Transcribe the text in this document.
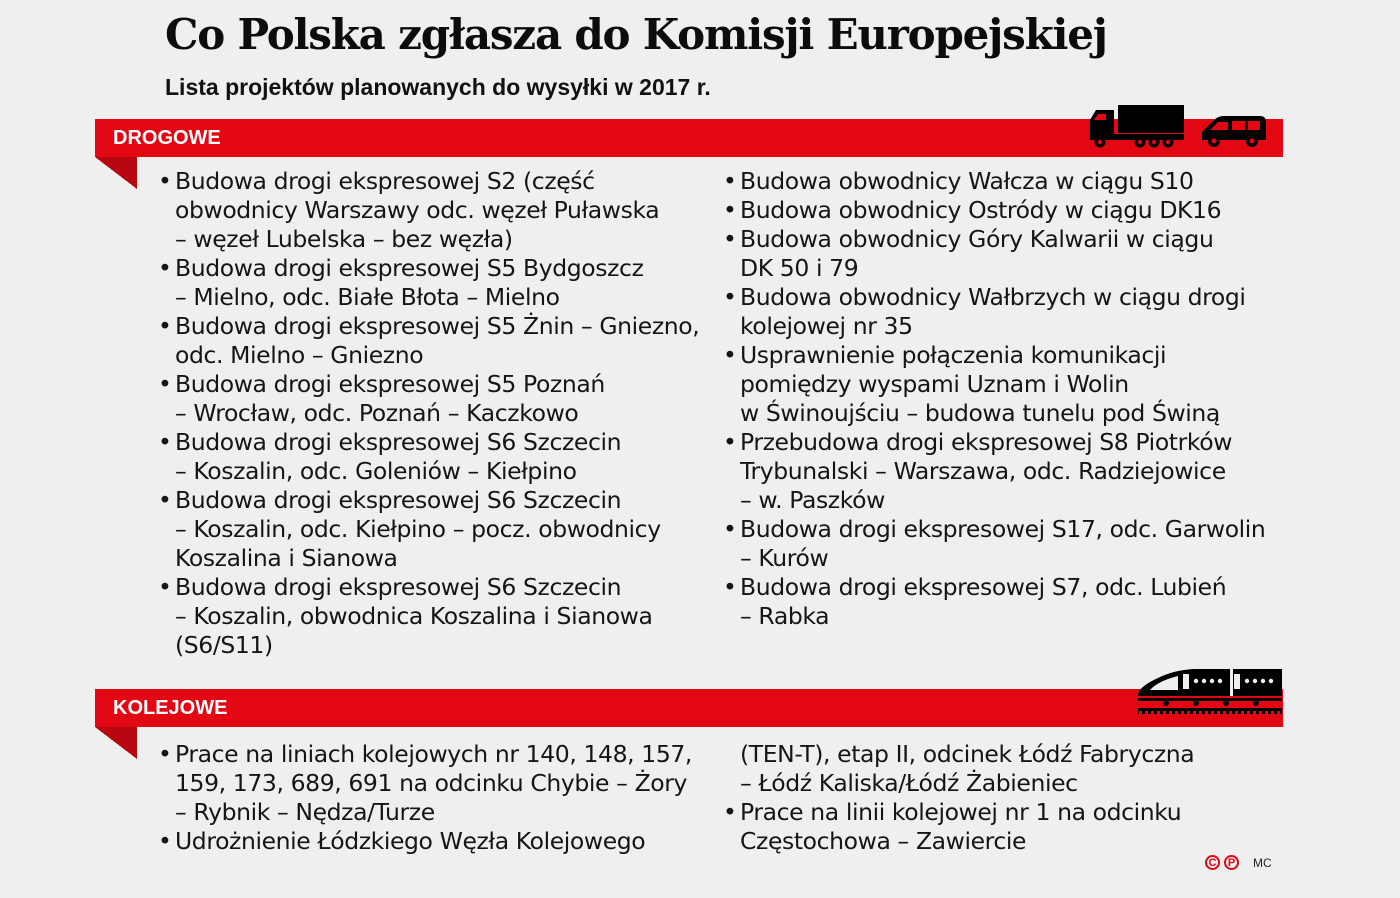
Co Polska zgłasza do Komisji Europejskiej
Lista projektów planowanych do wysyłki w 2017 r.
DROGOWE
• Budowa drogi ekspresowej S2 (część
obwodnicy Warszawy odc. węzeł Puławska
– węzeł Lubelska – bez węzła)
• Budowa drogi ekspresowej S5 Bydgoszcz
– Mielno, odc. Białe Błota – Mielno
• Budowa drogi ekspresowej S5 Żnin – Gniezno,
odc. Mielno – Gniezno
• Budowa drogi ekspresowej S5 Poznań
– Wrocław, odc. Poznań – Kaczkowo
• Budowa drogi ekspresowej S6 Szczecin
– Koszalin, odc. Goleniów – Kiełpino
• Budowa drogi ekspresowej S6 Szczecin
– Koszalin, odc. Kiełpino – pocz. obwodnicy
Koszalina i Sianowa
• Budowa drogi ekspresowej S6 Szczecin
– Koszalin, obwodnica Koszalina i Sianowa
(S6/S11)
• Budowa obwodnicy Wałcza w ciągu S10
• Budowa obwodnicy Ostródy w ciągu DK16
• Budowa obwodnicy Góry Kalwarii w ciągu
DK 50 i 79
• Budowa obwodnicy Wałbrzych w ciągu drogi
kolejowej nr 35
• Usprawnienie połączenia komunikacji
pomiędzy wyspami Uznam i Wolin
w Świnoujściu – budowa tunelu pod Świną
• Przebudowa drogi ekspresowej S8 Piotrków
Trybunalski – Warszawa, odc. Radziejowice
– w. Paszków
• Budowa drogi ekspresowej S17, odc. Garwolin
– Kurów
• Budowa drogi ekspresowej S7, odc. Lubień
– Rabka
KOLEJOWE
• Prace na liniach kolejowych nr 140, 148, 157,
159, 173, 689, 691 na odcinku Chybie – Żory
– Rybnik – Nędza/Turze
• Udrożnienie Łódzkiego Węzła Kolejowego
(TEN-T), etap II, odcinek Łódź Fabryczna
– Łódź Kaliska/Łódź Żabieniec
• Prace na linii kolejowej nr 1 na odcinku
Częstochowa – Zawiercie
C	P	MC
